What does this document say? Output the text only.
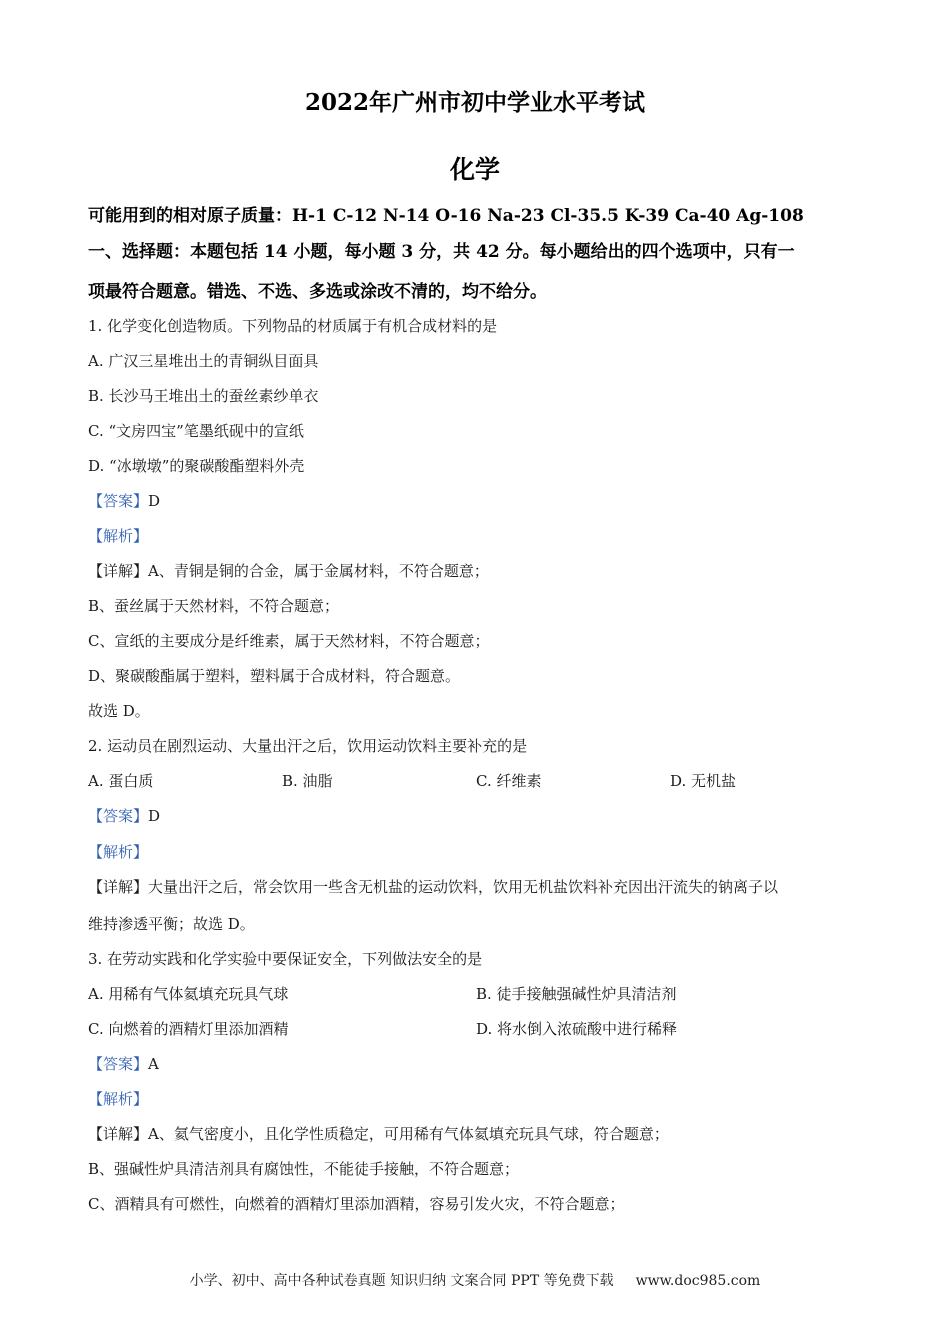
2022年广州市初中学业水平考试
化学
可能用到的相对原子质量：H-1 C-12 N-14 O-16 Na-23 Cl-35.5 K-39 Ca-40 Ag-108
一、选择题：本题包括 14 小题，每小题 3 分，共 42 分。每小题给出的四个选项中，只有一
项最符合题意。错选、不选、多选或涂改不清的，均不给分。
1. 化学变化创造物质。下列物品的材质属于有机合成材料的是
A. 广汉三星堆出土的青铜纵目面具
B. 长沙马王堆出土的蚕丝素纱单衣
C. “文房四宝”笔墨纸砚中的宣纸
D. “冰墩墩”的聚碳酸酯塑料外壳
【答案】D
【解析】
【详解】A、青铜是铜的合金，属于金属材料，不符合题意；
B、蚕丝属于天然材料，不符合题意；
C、宣纸的主要成分是纤维素，属于天然材料，不符合题意；
D、聚碳酸酯属于塑料，塑料属于合成材料，符合题意。
故选 D。
2. 运动员在剧烈运动、大量出汗之后，饮用运动饮料主要补充的是
A. 蛋白质	B. 油脂	C. 纤维素	D. 无机盐
【答案】D
【解析】
【详解】大量出汗之后，常会饮用一些含无机盐的运动饮料，饮用无机盐饮料补充因出汗流失的钠离子以
维持渗透平衡；故选 D。
3. 在劳动实践和化学实验中要保证安全，下列做法安全的是
A. 用稀有气体氦填充玩具气球	B. 徒手接触强碱性炉具清洁剂
C. 向燃着的酒精灯里添加酒精	D. 将水倒入浓硫酸中进行稀释
【答案】A
【解析】
【详解】A、氦气密度小，且化学性质稳定，可用稀有气体氦填充玩具气球，符合题意；
B、强碱性炉具清洁剂具有腐蚀性，不能徒手接触，不符合题意；
C、酒精具有可燃性，向燃着的酒精灯里添加酒精，容易引发火灾，不符合题意；
小学、初中、高中各种试卷真题 知识归纳 文案合同 PPT 等免费下载 www.doc985.com
